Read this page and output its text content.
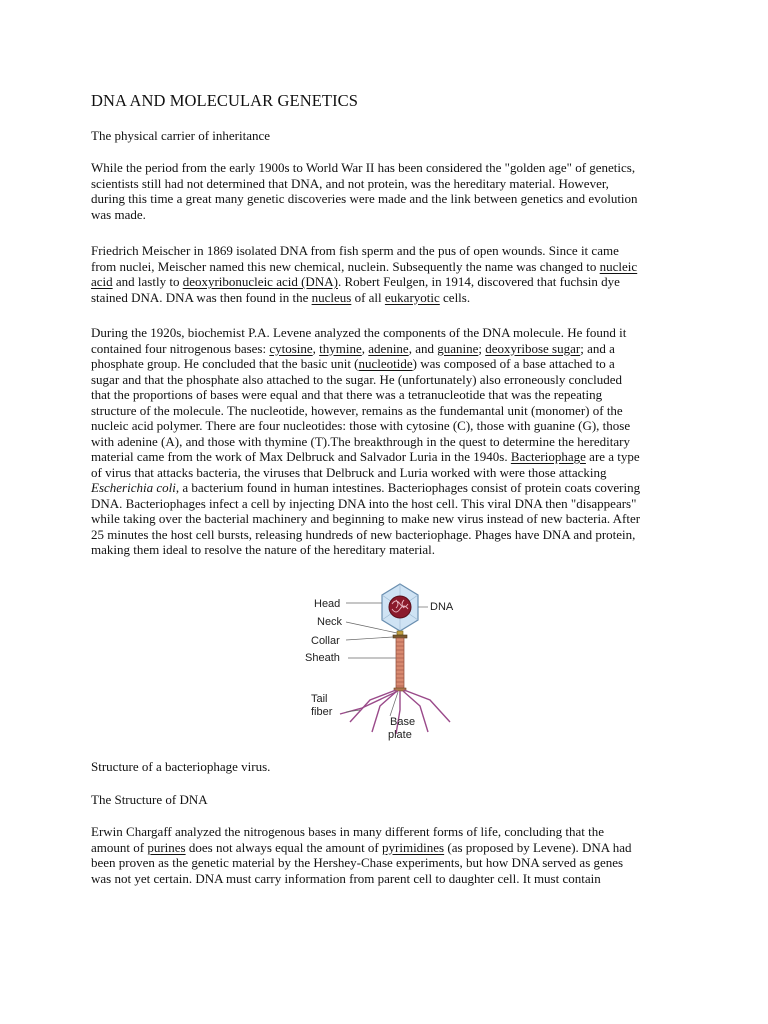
DNA AND MOLECULAR GENETICS
The physical carrier of inheritance
While the period from the early 1900s to World War II has been considered the "golden age" of genetics,
scientists still had not determined that DNA, and not protein, was the hereditary material. However,
during this time a great many genetic discoveries were made and the link between genetics and evolution
was made.
Friedrich Meischer in 1869 isolated DNA from fish sperm and the pus of open wounds. Since it came
from nuclei, Meischer named this new chemical, nuclein. Subsequently the name was changed to nucleic
acid and lastly to deoxyribonucleic acid (DNA). Robert Feulgen, in 1914, discovered that fuchsin dye
stained DNA. DNA was then found in the nucleus of all eukaryotic cells.
During the 1920s, biochemist P.A. Levene analyzed the components of the DNA molecule. He found it
contained four nitrogenous bases: cytosine, thymine, adenine, and guanine; deoxyribose sugar; and a
phosphate group. He concluded that the basic unit (nucleotide) was composed of a base attached to a
sugar and that the phosphate also attached to the sugar. He (unfortunately) also erroneously concluded
that the proportions of bases were equal and that there was a tetranucleotide that was the repeating
structure of the molecule. The nucleotide, however, remains as the fundemantal unit (monomer) of the
nucleic acid polymer. There are four nucleotides: those with cytosine (C), those with guanine (G), those
with adenine (A), and those with thymine (T).The breakthrough in the quest to determine the hereditary
material came from the work of Max Delbruck and Salvador Luria in the 1940s. Bacteriophage are a type
of virus that attacks bacteria, the viruses that Delbruck and Luria worked with were those attacking
Escherichia coli, a bacterium found in human intestines. Bacteriophages consist of protein coats covering
DNA. Bacteriophages infect a cell by injecting DNA into the host cell. This viral DNA then "disappears"
while taking over the bacterial machinery and beginning to make new virus instead of new bacteria. After
25 minutes the host cell bursts, releasing hundreds of new bacteriophage. Phages have DNA and protein,
making them ideal to resolve the nature of the hereditary material.
Head	DNA
Neck
Collar
Sheath
Tail
fiber
Base
plate
Structure of a bacteriophage virus.
The Structure of DNA
Erwin Chargaff analyzed the nitrogenous bases in many different forms of life, concluding that the
amount of purines does not always equal the amount of pyrimidines (as proposed by Levene). DNA had
been proven as the genetic material by the Hershey-Chase experiments, but how DNA served as genes
was not yet certain. DNA must carry information from parent cell to daughter cell. It must contain
